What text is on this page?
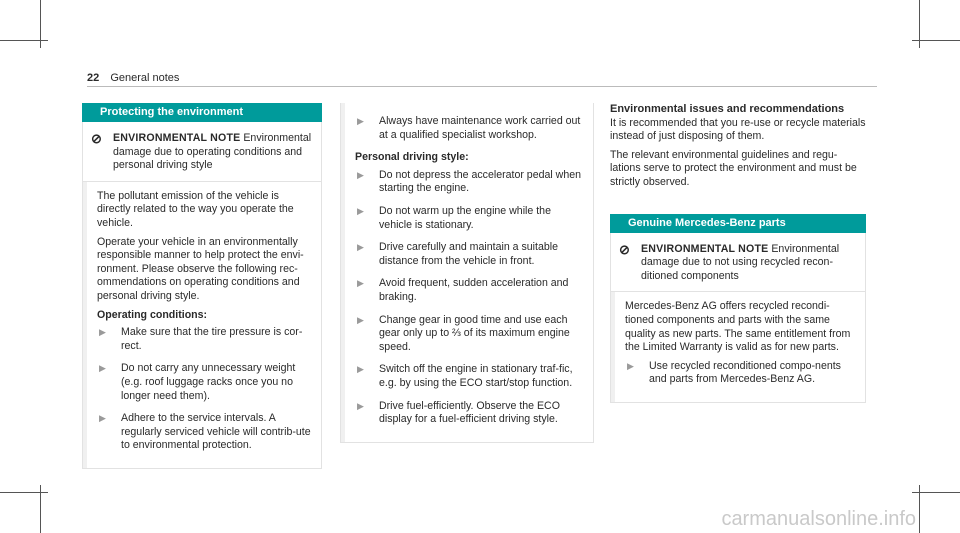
22 General notes
Protecting the environment
⊘	ENVIRONMENTAL NOTE Environmental damage due to operating conditions and personal driving style

The pollutant emission of the vehicle is directly related to the way you operate the vehicle.

Operate your vehicle in an environmentally responsible manner to help protect the envi-ronment. Please observe the following rec-ommendations on operating conditions and personal driving style.

Operating conditions:
▶	Make sure that the tire pressure is cor-rect.
▶	Do not carry any unnecessary weight (e.g. roof luggage racks once you no longer need them).
▶	Adhere to the service intervals. A regularly serviced vehicle will contrib-ute to environmental protection.
▶	Always have maintenance work carried out at a qualified specialist workshop.
Personal driving style:
▶	Do not depress the accelerator pedal when starting the engine.
▶	Do not warm up the engine while the vehicle is stationary.
▶	Drive carefully and maintain a suitable distance from the vehicle in front.
▶	Avoid frequent, sudden acceleration and braking.
▶	Change gear in good time and use each gear only up to ⅔ of its maximum engine speed.
▶	Switch off the engine in stationary traf-fic, e.g. by using the ECO start/stop function.
▶	Drive fuel-efficiently. Observe the ECO display for a fuel-efficient driving style.
Environmental issues and recommendations

It is recommended that you re-use or recycle materials instead of just disposing of them.

The relevant environmental guidelines and regu-lations serve to protect the environment and must be strictly observed.

Genuine Mercedes-Benz parts
⊘	ENVIRONMENTAL NOTE Environmental damage due to not using recycled recon-ditioned components

Mercedes-Benz AG offers recycled recondi-tioned components and parts with the same quality as new parts. The same entitlement from the Limited Warranty is valid as for new parts.

▶	Use recycled reconditioned compo-nents and parts from Mercedes-Benz AG.
carmanualsonline.info
